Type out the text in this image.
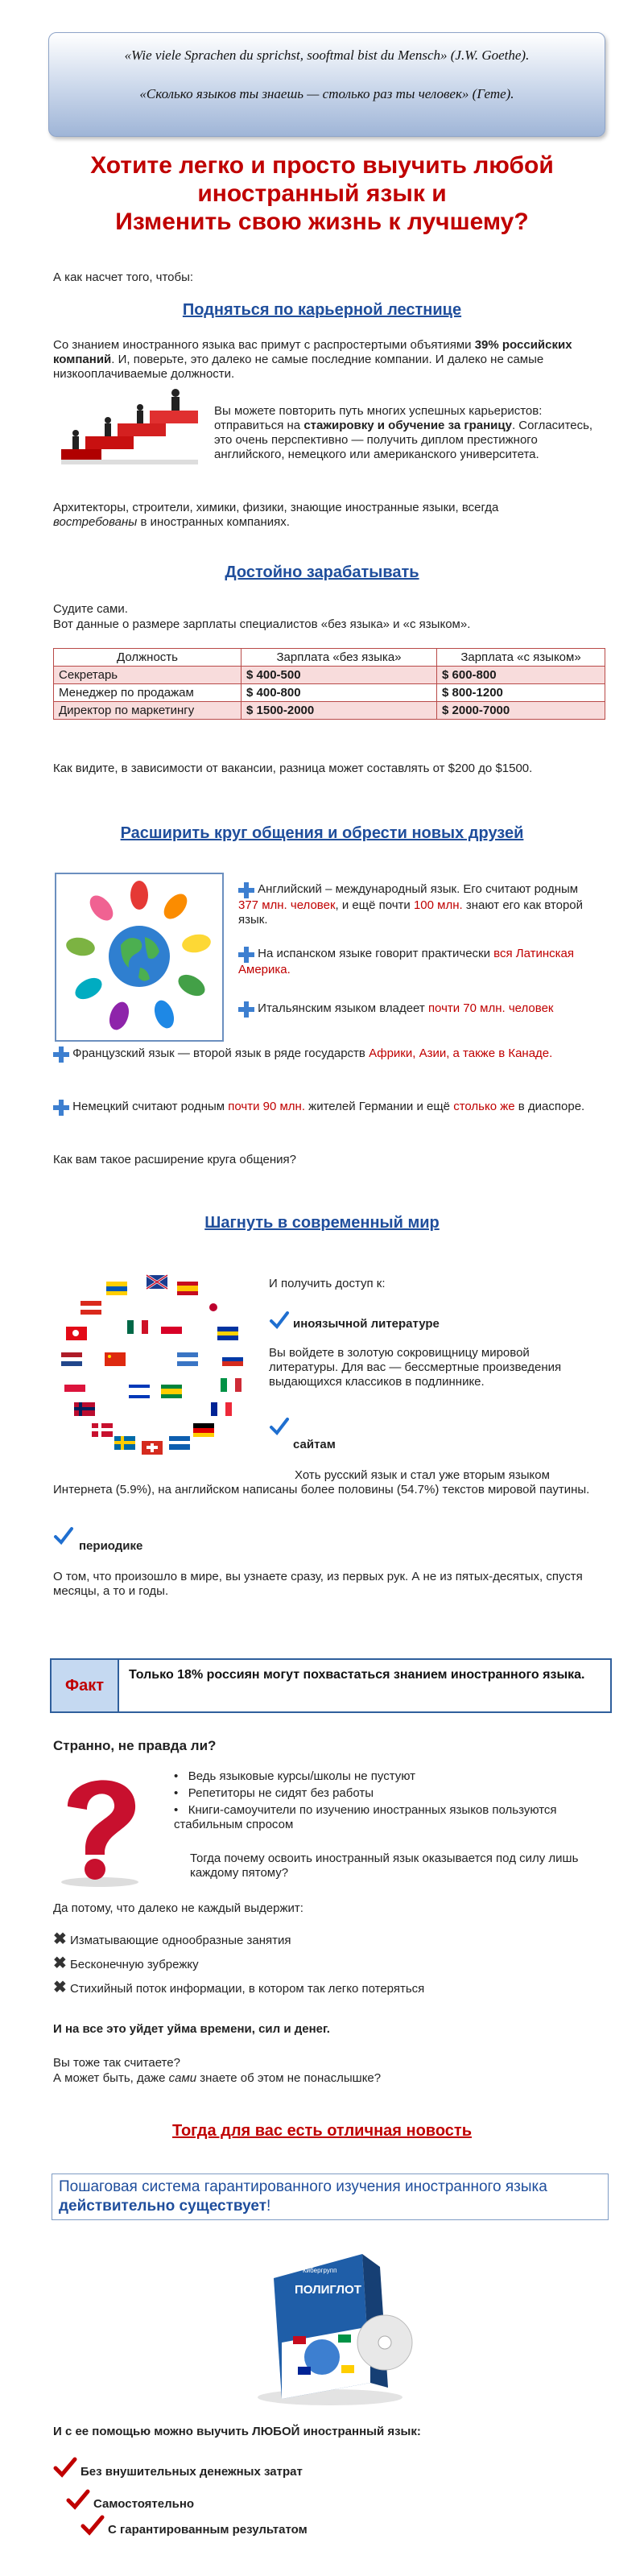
«Wie viele Sprachen du sprichst, sooftmal bist du Mensch» (J.W. Goethe).
«Сколько языков ты знаешь — столько раз ты человек» (Гете).
Хотите легко и просто выучить любой
иностранный язык и
Изменить свою жизнь к лучшему?
А как насчет того, чтобы:
Подняться по карьерной лестнице
Со знанием иностранного языка вас примут с распростертыми объятиями 39% российских компаний. И, поверьте, это далеко не самые последние компании. И далеко не самые низкооплачиваемые должности.
Вы можете повторить путь многих успешных карьеристов: отправиться на стажировку и обучение за границу. Согласитесь, это очень перспективно — получить диплом престижного английского, немецкого или американского университета.
Архитекторы, строители, химики, физики, знающие иностранные языки, всегда востребованы в иностранных компаниях.
Достойно зарабатывать
Судите сами.
Вот данные о размере зарплаты специалистов «без языка» и «с языком».
Должность	Зарплата «без языка»	Зарплата «с языком»
Секретарь	$ 400-500	$ 600-800
Менеджер по продажам	$ 400-800	$ 800-1200
Директор по маркетингу	$ 1500-2000	$ 2000-7000
Как видите, в зависимости от вакансии, разница может составлять от $200 до $1500.
Расширить круг общения и обрести новых друзей
Английский – международный язык. Его считают родным 377 млн. человек, и ещё почти 100 млн. знают его как второй язык.
На испанском языке говорит практически вся Латинская Америка.
Итальянским языком владеет почти 70 млн. человек
Французский язык — второй язык в ряде государств Африки, Азии, а также в Канаде.
Немецкий считают родным почти 90 млн. жителей Германии и ещё столько же в диаспоре.
Как вам такое расширение круга общения?
Шагнуть в современный мир
И получить доступ к:
иноязычной литературе
Вы войдете в золотую сокровищницу мировой литературы. Для вас — бессмертные произведения выдающихся классиков в подлиннике.
сайтам
Хоть русский язык и стал уже вторым языком Интернета (5.9%), на английском написаны более половины (54.7%) текстов мировой паутины.
периодике
О том, что произошло в мире, вы узнаете сразу, из первых рук. А не из пятых-десятых, спустя месяцы, а то и годы.
Факт
Только 18% россиян могут похвастаться знанием иностранного языка.
Странно, не правда ли?
•   Ведь языковые курсы/школы не пустуют
•   Репетиторы не сидят без работы
•   Книги-самоучители по изучению иностранных языков пользуются стабильным спросом
Тогда почему освоить иностранный язык оказывается под силу лишь каждому пятому?
Да потому, что далеко не каждый выдержит:
✖ Изматывающие однообразные занятия
✖ Бесконечную зубрежку
✖ Стихийный поток информации, в котором так легко потеряться
И на все это уйдет уйма времени, сил и денег.
Вы тоже так считаете?
А может быть, даже сами знаете об этом не понаслышке?
Тогда для вас есть отличная новость
Пошаговая система гарантированного изучения иностранного языка действительно существует!
Кибергрупп
ПОЛИГЛОТ
И с ее помощью можно выучить ЛЮБОЙ иностранный язык:
Без внушительных денежных затрат
Самостоятельно
С гарантированным результатом
